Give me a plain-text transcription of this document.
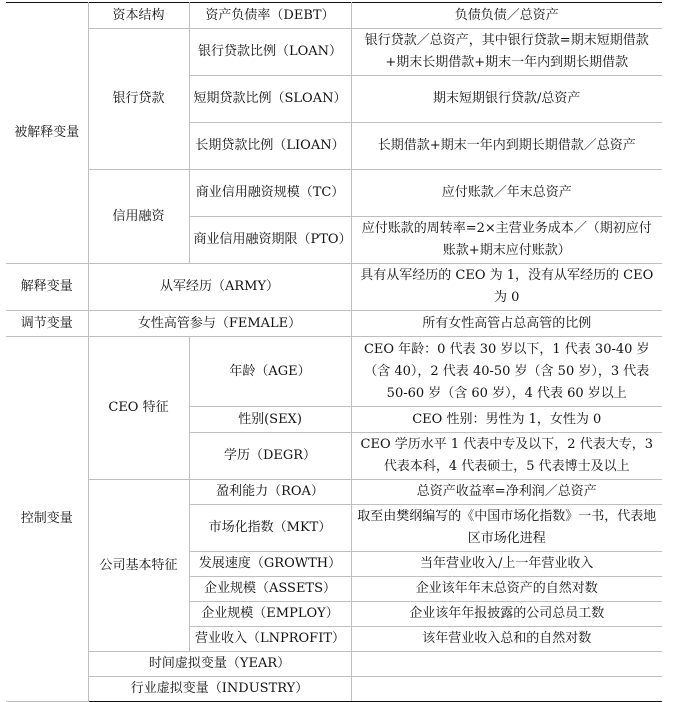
被解释变量	资本结构	资产负债率（DEBT）	负债负债／总资产
	银行贷款	银行贷款比例（LOAN）	银行贷款／总资产，其中银行贷款=期末短期借款+期末长期借款+期末一年内到期长期借款
		短期贷款比例（SLOAN）	期末短期银行贷款/总资产
		长期贷款比例（LIOAN）	长期借款+期末一年内到期长期借款／总资产
	信用融资	商业信用融资规模（TC）	应付账款／年末总资产
		商业信用融资期限（PTO）	应付账款的周转率=2×主营业务成本／（期初应付账款+期末应付账款）
解释变量	从军经历（ARMY）		具有从军经历的 CEO 为 1，没有从军经历的 CEO 为 0
调节变量	女性高管参与（FEMALE）		所有女性高管占总高管的比例
控制变量	CEO 特征	年龄（AGE）	CEO 年龄：0 代表 30 岁以下，1 代表 30-40 岁（含 40），2 代表 40-50 岁（含 50 岁），3 代表 50-60 岁（含 60 岁），4 代表 60 岁以上
		性别(SEX)	CEO 性别：男性为 1，女性为 0
		学历（DEGR）	CEO 学历水平 1 代表中专及以下，2 代表大专，3 代表本科，4 代表硕士，5 代表博士及以上
	公司基本特征	盈利能力（ROA）	总资产收益率=净利润／总资产
		市场化指数（MKT）	取至由樊纲编写的《中国市场化指数》一书，代表地区市场化进程
		发展速度（GROWTH）	当年营业收入/上一年营业收入
		企业规模（ASSETS）	企业该年年末总资产的自然对数
		企业规模（EMPLOY）	企业该年年报披露的公司总员工数
		营业收入（LNPROFIT）	该年营业收入总和的自然对数
	时间虚拟变量（YEAR）		
	行业虚拟变量（INDUSTRY）		
